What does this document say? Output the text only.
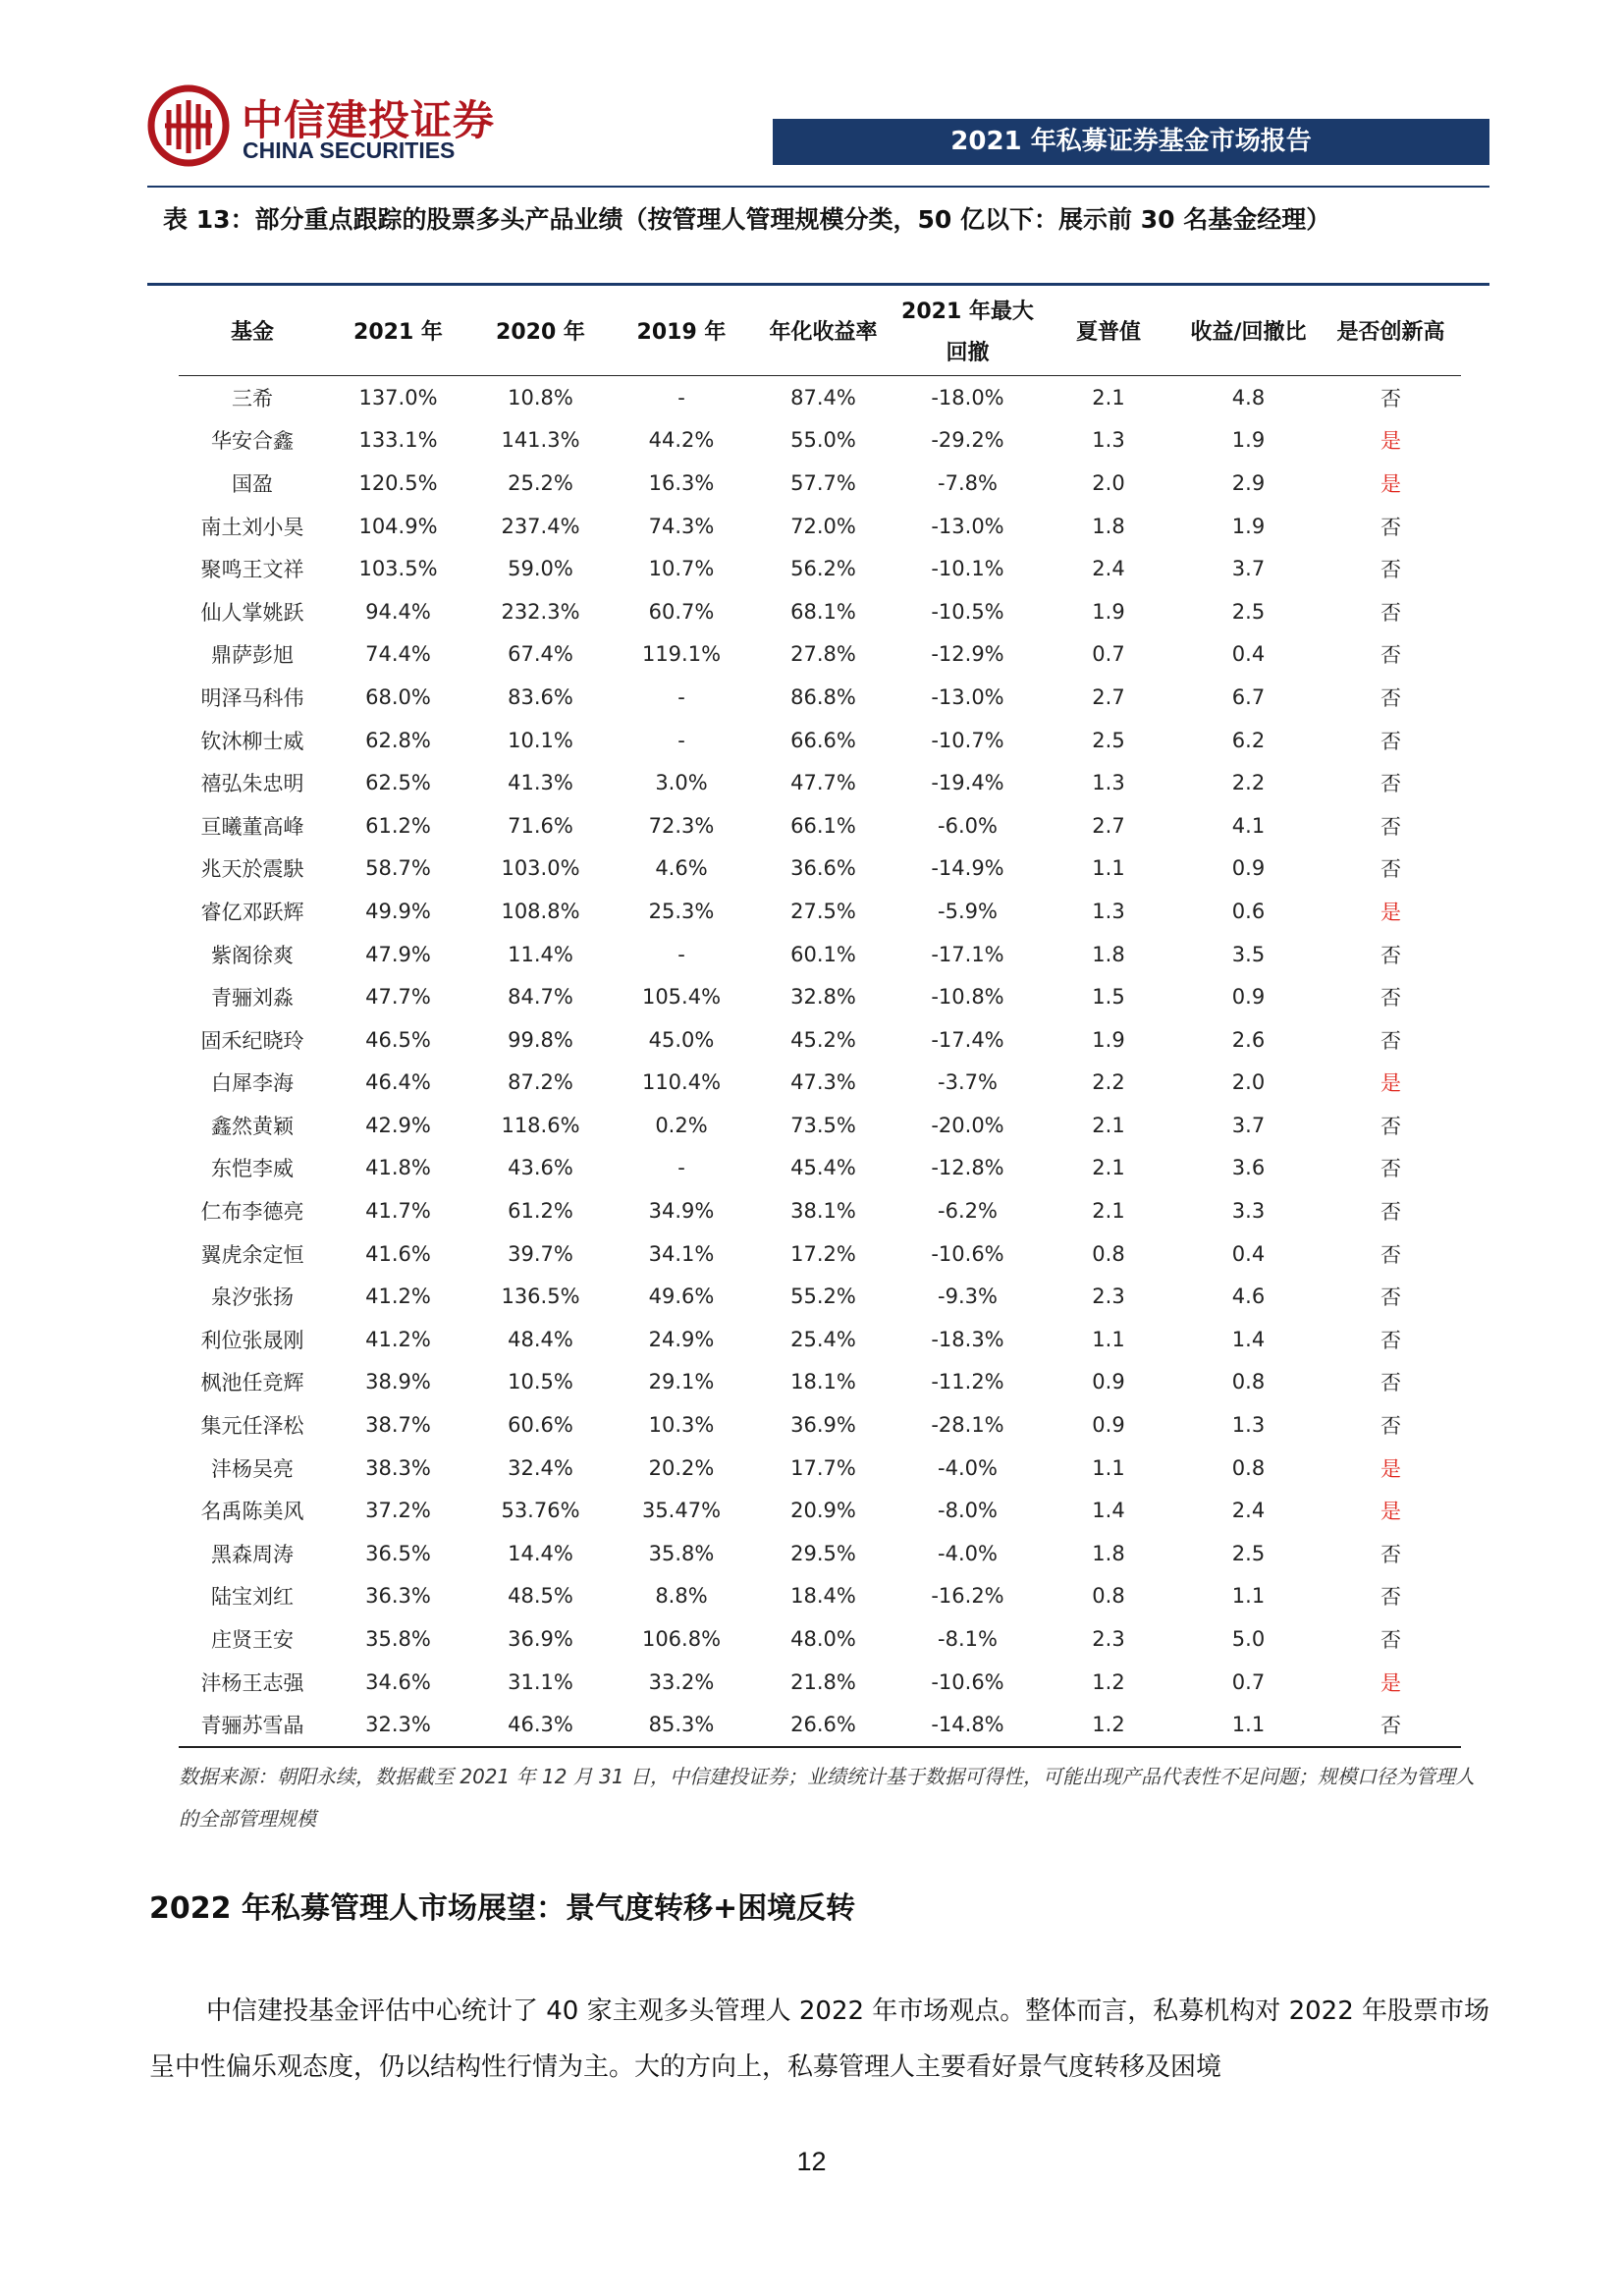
中信建投证券
CHINA SECURITIES	2021 年私募证券基金市场报告
表 13：部分重点跟踪的股票多头产品业绩（按管理人管理规模分类，50 亿以下：展示前 30 名基金经理）
基金	2021 年	2020 年	2019 年	年化收益率	2021 年最大回撤	夏普值	收益/回撤比	是否创新高
三希	137.0%	10.8%	-	87.4%	-18.0%	2.1	4.8	否
华安合鑫	133.1%	141.3%	44.2%	55.0%	-29.2%	1.3	1.9	是
国盈	120.5%	25.2%	16.3%	57.7%	-7.8%	2.0	2.9	是
南土刘小昊	104.9%	237.4%	74.3%	72.0%	-13.0%	1.8	1.9	否
聚鸣王文祥	103.5%	59.0%	10.7%	56.2%	-10.1%	2.4	3.7	否
仙人掌姚跃	94.4%	232.3%	60.7%	68.1%	-10.5%	1.9	2.5	否
鼎萨彭旭	74.4%	67.4%	119.1%	27.8%	-12.9%	0.7	0.4	否
明泽马科伟	68.0%	83.6%	-	86.8%	-13.0%	2.7	6.7	否
钦沐柳士威	62.8%	10.1%	-	66.6%	-10.7%	2.5	6.2	否
禧弘朱忠明	62.5%	41.3%	3.0%	47.7%	-19.4%	1.3	2.2	否
亘曦董高峰	61.2%	71.6%	72.3%	66.1%	-6.0%	2.7	4.1	否
兆天於震駃	58.7%	103.0%	4.6%	36.6%	-14.9%	1.1	0.9	否
睿亿邓跃辉	49.9%	108.8%	25.3%	27.5%	-5.9%	1.3	0.6	是
紫阁徐爽	47.9%	11.4%	-	60.1%	-17.1%	1.8	3.5	否
青骊刘淼	47.7%	84.7%	105.4%	32.8%	-10.8%	1.5	0.9	否
固禾纪晓玲	46.5%	99.8%	45.0%	45.2%	-17.4%	1.9	2.6	否
白犀李海	46.4%	87.2%	110.4%	47.3%	-3.7%	2.2	2.0	是
鑫然黄颖	42.9%	118.6%	0.2%	73.5%	-20.0%	2.1	3.7	否
东恺李威	41.8%	43.6%	-	45.4%	-12.8%	2.1	3.6	否
仁布李德亮	41.7%	61.2%	34.9%	38.1%	-6.2%	2.1	3.3	否
翼虎余定恒	41.6%	39.7%	34.1%	17.2%	-10.6%	0.8	0.4	否
泉汐张扬	41.2%	136.5%	49.6%	55.2%	-9.3%	2.3	4.6	否
利位张晟刚	41.2%	48.4%	24.9%	25.4%	-18.3%	1.1	1.4	否
枫池任竞辉	38.9%	10.5%	29.1%	18.1%	-11.2%	0.9	0.8	否
集元任泽松	38.7%	60.6%	10.3%	36.9%	-28.1%	0.9	1.3	否
沣杨吴亮	38.3%	32.4%	20.2%	17.7%	-4.0%	1.1	0.8	是
名禹陈美风	37.2%	53.76%	35.47%	20.9%	-8.0%	1.4	2.4	是
黑森周涛	36.5%	14.4%	35.8%	29.5%	-4.0%	1.8	2.5	否
陆宝刘红	36.3%	48.5%	8.8%	18.4%	-16.2%	0.8	1.1	否
庄贤王安	35.8%	36.9%	106.8%	48.0%	-8.1%	2.3	5.0	否
沣杨王志强	34.6%	31.1%	33.2%	21.8%	-10.6%	1.2	0.7	是
青骊苏雪晶	32.3%	46.3%	85.3%	26.6%	-14.8%	1.2	1.1	否
数据来源：朝阳永续，数据截至 2021 年 12 月 31 日，中信建投证券；业绩统计基于数据可得性，可能出现产品代表性不足问题；规模口径为管理人的全部管理规模
2022 年私募管理人市场展望：景气度转移+困境反转
中信建投基金评估中心统计了 40 家主观多头管理人 2022 年市场观点。整体而言，私募机构对 2022 年股票市场呈中性偏乐观态度，仍以结构性行情为主。大的方向上，私募管理人主要看好景气度转移及困境
12
